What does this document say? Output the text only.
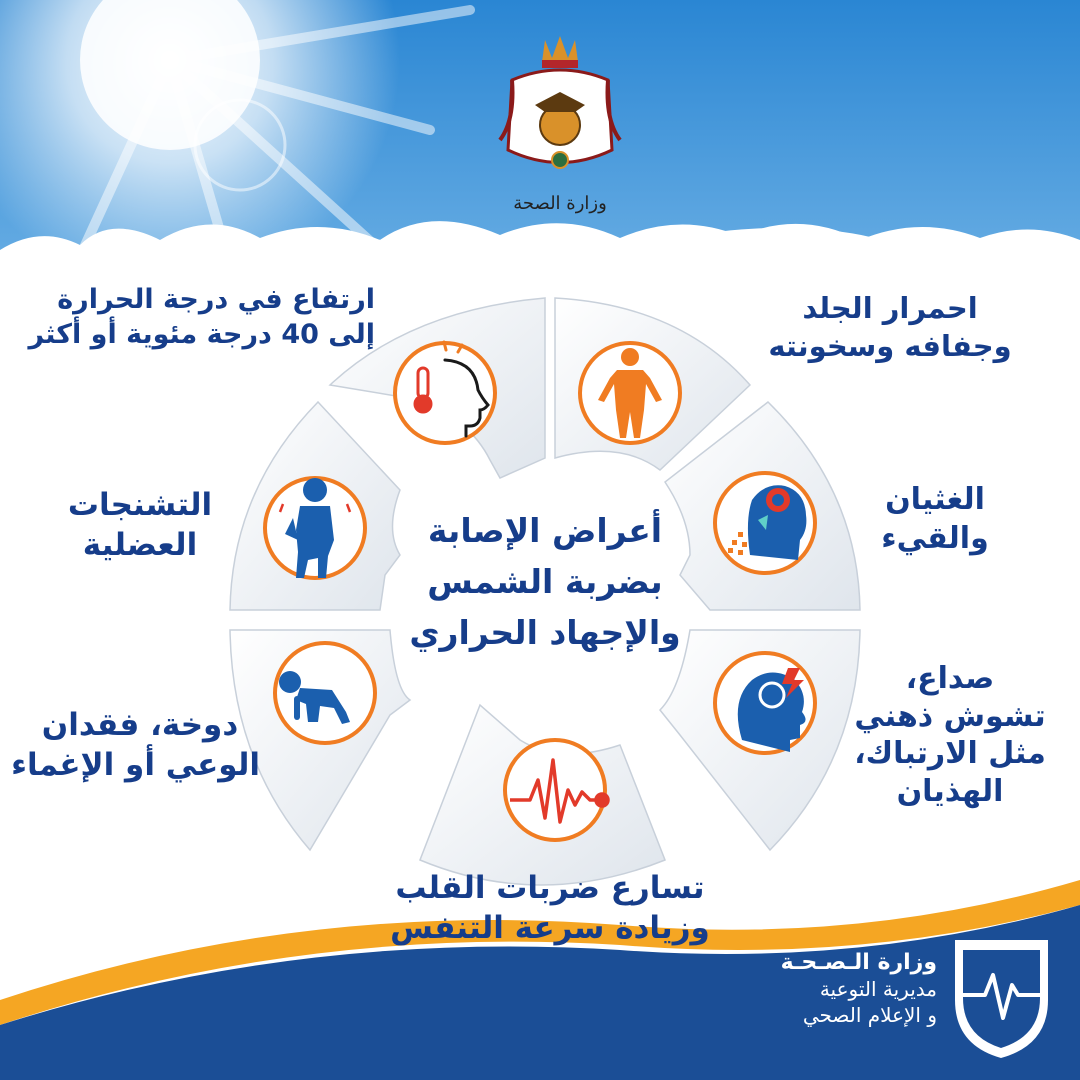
وزارة الصحة
أعراض الإصابة
بضربة الشمس
والإجهاد الحراري
ارتفاع في درجة الحرارة
إلى 40 درجة مئوية أو أكثر
احمرار الجلد
وجفافه وسخونته
الغثيان
والقيء
صداع،
تشوش ذهني
مثل الارتباك،
الهذيان
تسارع ضربات القلب
وزيادة سرعة التنفس
دوخة، فقدان
الوعي أو الإغماء
التشنجات
العضلية
وزارة الـصـحـة
مديرية التوعية
و الإعلام الصحي
